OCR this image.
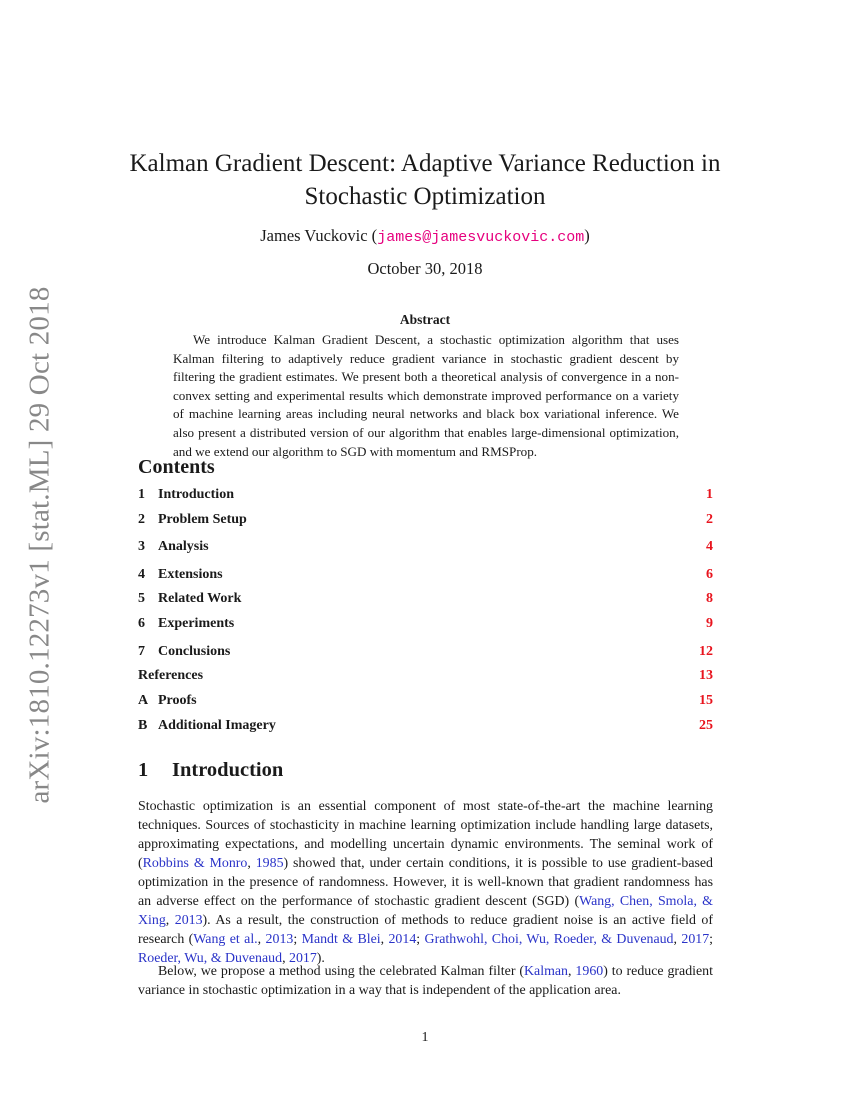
arXiv:1810.12273v1 [stat.ML] 29 Oct 2018
Kalman Gradient Descent: Adaptive Variance Reduction in
Stochastic Optimization
James Vuckovic (james@jamesvuckovic.com)
October 30, 2018
Abstract

We introduce Kalman Gradient Descent, a stochastic optimization algorithm that uses Kalman filtering to adaptively reduce gradient variance in stochastic gradient descent by filtering the gradient estimates. We present both a theoretical analysis of convergence in a non-convex setting and experimental results which demonstrate improved performance on a variety of machine learning areas including neural networks and black box variational inference. We also present a distributed version of our algorithm that enables large-dimensional optimization, and we extend our algorithm to SGD with momentum and RMSProp.

Contents
1 Introduction	1
2 Problem Setup	2
3 Analysis	4
4 Extensions	6
5 Related Work	8
6 Experiments	9
7 Conclusions	12
References	13
A Proofs	15
B Additional Imagery	25
1 Introduction

Stochastic optimization is an essential component of most state-of-the-art the machine learning techniques. Sources of stochasticity in machine learning optimization include handling large datasets, approximating expectations, and modelling uncertain dynamic environments. The seminal work of (Robbins & Monro, 1985) showed that, under certain conditions, it is possible to use gradient-based optimization in the presence of randomness. However, it is well-known that gradient randomness has an adverse effect on the performance of stochastic gradient descent (SGD) (Wang, Chen, Smola, & Xing, 2013). As a result, the construction of methods to reduce gradient noise is an active field of research (Wang et al., 2013; Mandt & Blei, 2014; Grathwohl, Choi, Wu, Roeder, & Duvenaud, 2017; Roeder, Wu, & Duvenaud, 2017).

Below, we propose a method using the celebrated Kalman filter (Kalman, 1960) to reduce gradient variance in stochastic optimization in a way that is independent of the application area.

1
